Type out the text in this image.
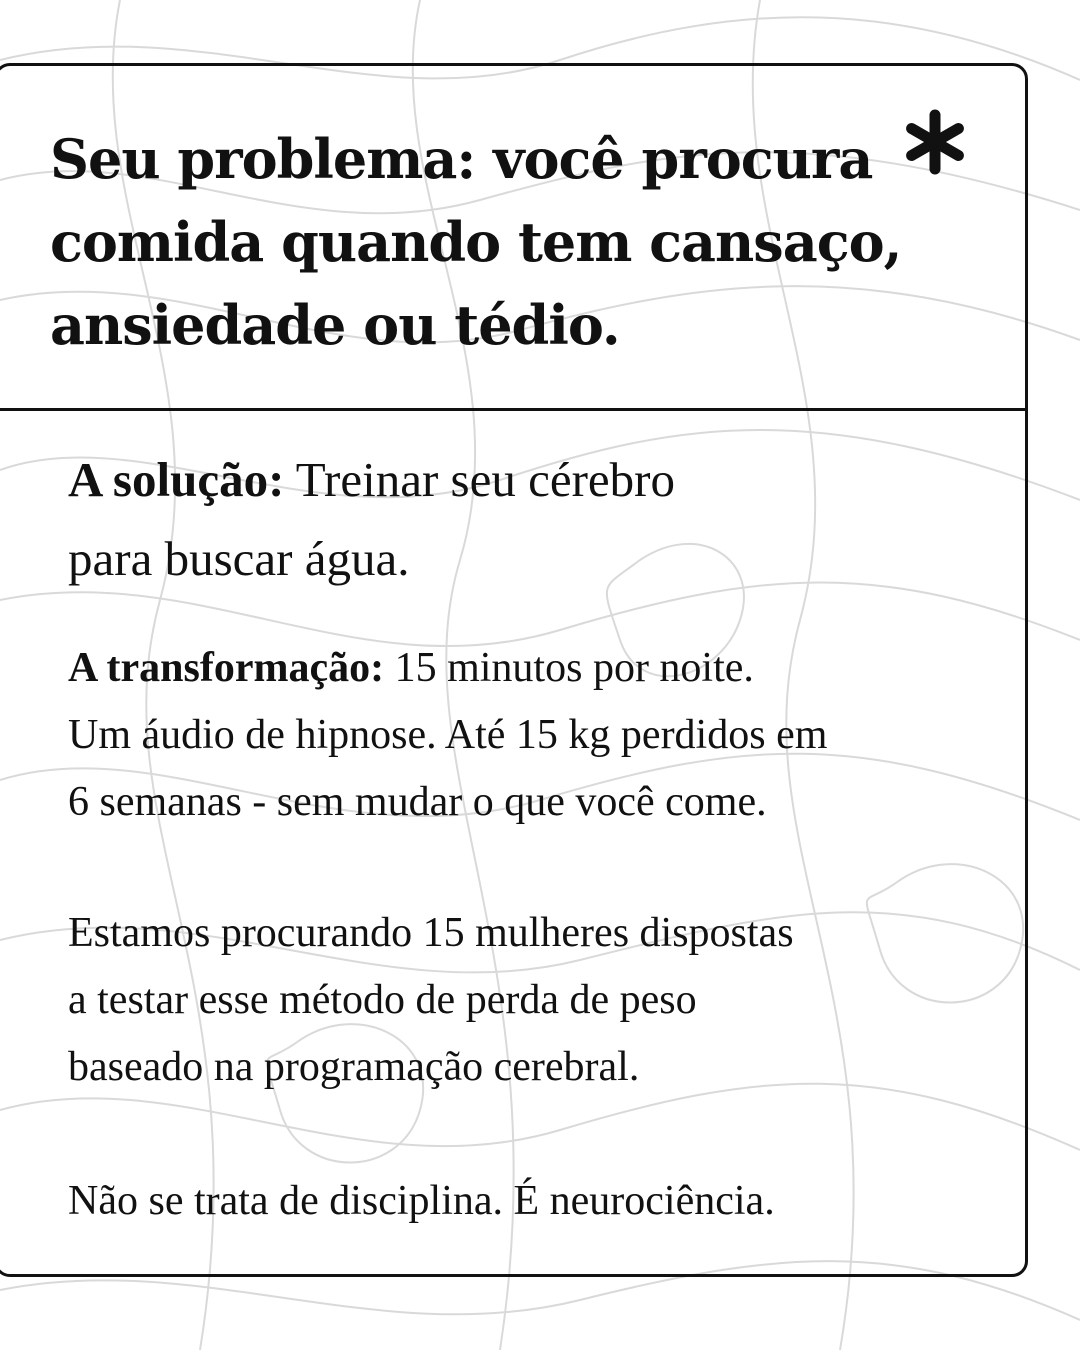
Seu problema: você procura
comida quando tem cansaço,
ansiedade ou tédio.

A solução: Treinar seu cérebro
para buscar água.

A transformação: 15 minutos por noite.
Um áudio de hipnose. Até 15 kg perdidos em
6 semanas - sem mudar o que você come.

Estamos procurando 15 mulheres dispostas
a testar esse método de perda de peso
baseado na programação cerebral.

Não se trata de disciplina. É neurociência.
